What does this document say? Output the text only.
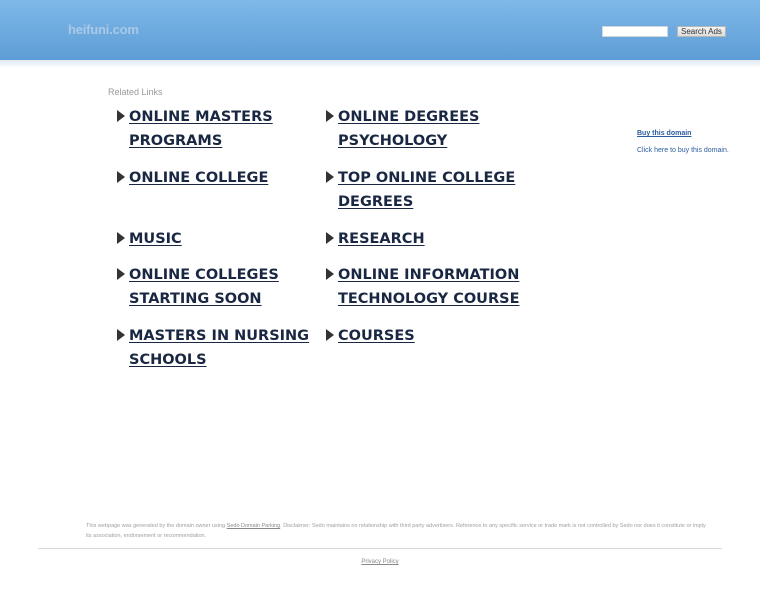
heifuni.com	Search Ads
Related Links
ONLINE MASTERS
PROGRAMS
ONLINE COLLEGE
MUSIC
ONLINE COLLEGES
STARTING SOON
MASTERS IN NURSING
SCHOOLS
ONLINE DEGREES
PSYCHOLOGY
TOP ONLINE COLLEGE
DEGREES
RESEARCH
ONLINE INFORMATION
TECHNOLOGY COURSE
COURSES
Buy this domain
Click here to buy this domain.
This webpage was generated by the domain owner using Sedo Domain Parking. Disclaimer: Sedo maintains no relationship with third party advertisers. Reference to any specific service or trade mark is not controlled by Sedo nor does it constitute or imply its association, endorsement or recommendation.
Privacy Policy
